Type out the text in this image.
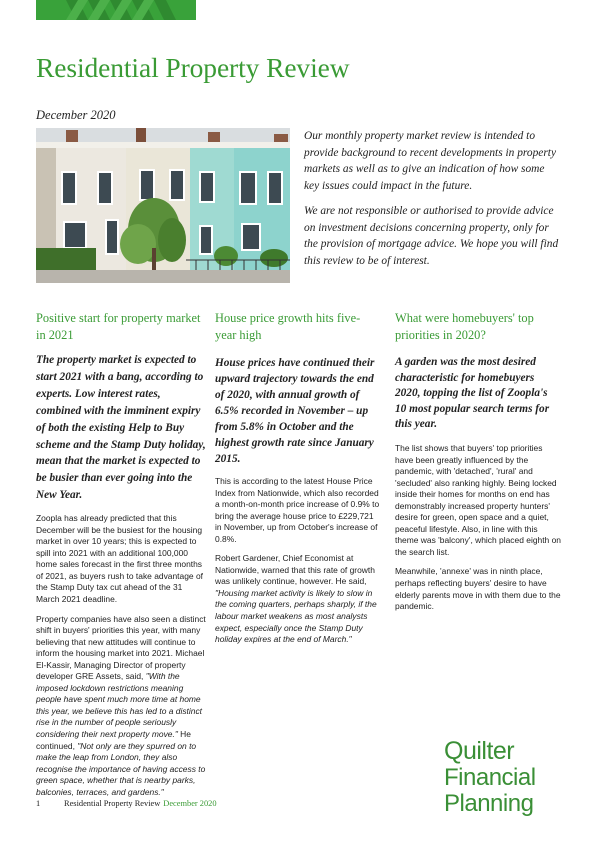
Residential Property Review
December 2020

Our monthly property market review is intended to provide background to recent developments in property markets as well as to give an indication of how some key issues could impact in the future.

We are not responsible or authorised to provide advice on investment decisions concerning property, only for the provision of mortgage advice. We hope you will find this review to be of interest.

Positive start for property market in 2021

The property market is expected to start 2021 with a bang, according to experts. Low interest rates, combined with the imminent expiry of both the existing Help to Buy scheme and the Stamp Duty holiday, mean that the market is expected to be busier than ever going into the New Year.

Zoopla has already predicted that this December will be the busiest for the housing market in over 10 years; this is expected to spill into 2021 with an additional 100,000 home sales forecast in the first three months of 2021, as buyers rush to take advantage of the Stamp Duty tax cut ahead of the 31 March 2021 deadline.

Property companies have also seen a distinct shift in buyers' priorities this year, with many believing that new attitudes will continue to inform the housing market into 2021. Michael El-Kassir, Managing Director of property developer GRE Assets, said, "With the imposed lockdown restrictions meaning people have spent much more time at home this year, we believe this has led to a distinct rise in the number of people seriously considering their next property move." He continued, "Not only are they spurred on to make the leap from London, they also recognise the importance of having access to green space, whether that is nearby parks, balconies, terraces, and gardens."

House price growth hits five-year high

House prices have continued their upward trajectory towards the end of 2020, with annual growth of 6.5% recorded in November – up from 5.8% in October and the highest growth rate since January 2015.

This is according to the latest House Price Index from Nationwide, which also recorded a month-on-month price increase of 0.9% to bring the average house price to £229,721 in November, up from October's increase of 0.8%.

Robert Gardener, Chief Economist at Nationwide, warned that this rate of growth was unlikely continue, however. He said, "Housing market activity is likely to slow in the coming quarters, perhaps sharply, if the labour market weakens as most analysts expect, especially once the Stamp Duty holiday expires at the end of March."

What were homebuyers' top priorities in 2020?

A garden was the most desired characteristic for homebuyers 2020, topping the list of Zoopla's 10 most popular search terms for this year.

The list shows that buyers' top priorities have been greatly influenced by the pandemic, with 'detached', 'rural' and 'secluded' also ranking highly. Being locked inside their homes for months on end has demonstrably increased property hunters' desire for green, open space and a quiet, peaceful lifestyle. Also, in line with this theme was 'balcony', which placed eighth on the search list.

Meanwhile, 'annexe' was in ninth place, perhaps reflecting buyers' desire to have elderly parents move in with them due to the pandemic.

Quilter
Financial
Planning
1	Residential Property Review December 2020
